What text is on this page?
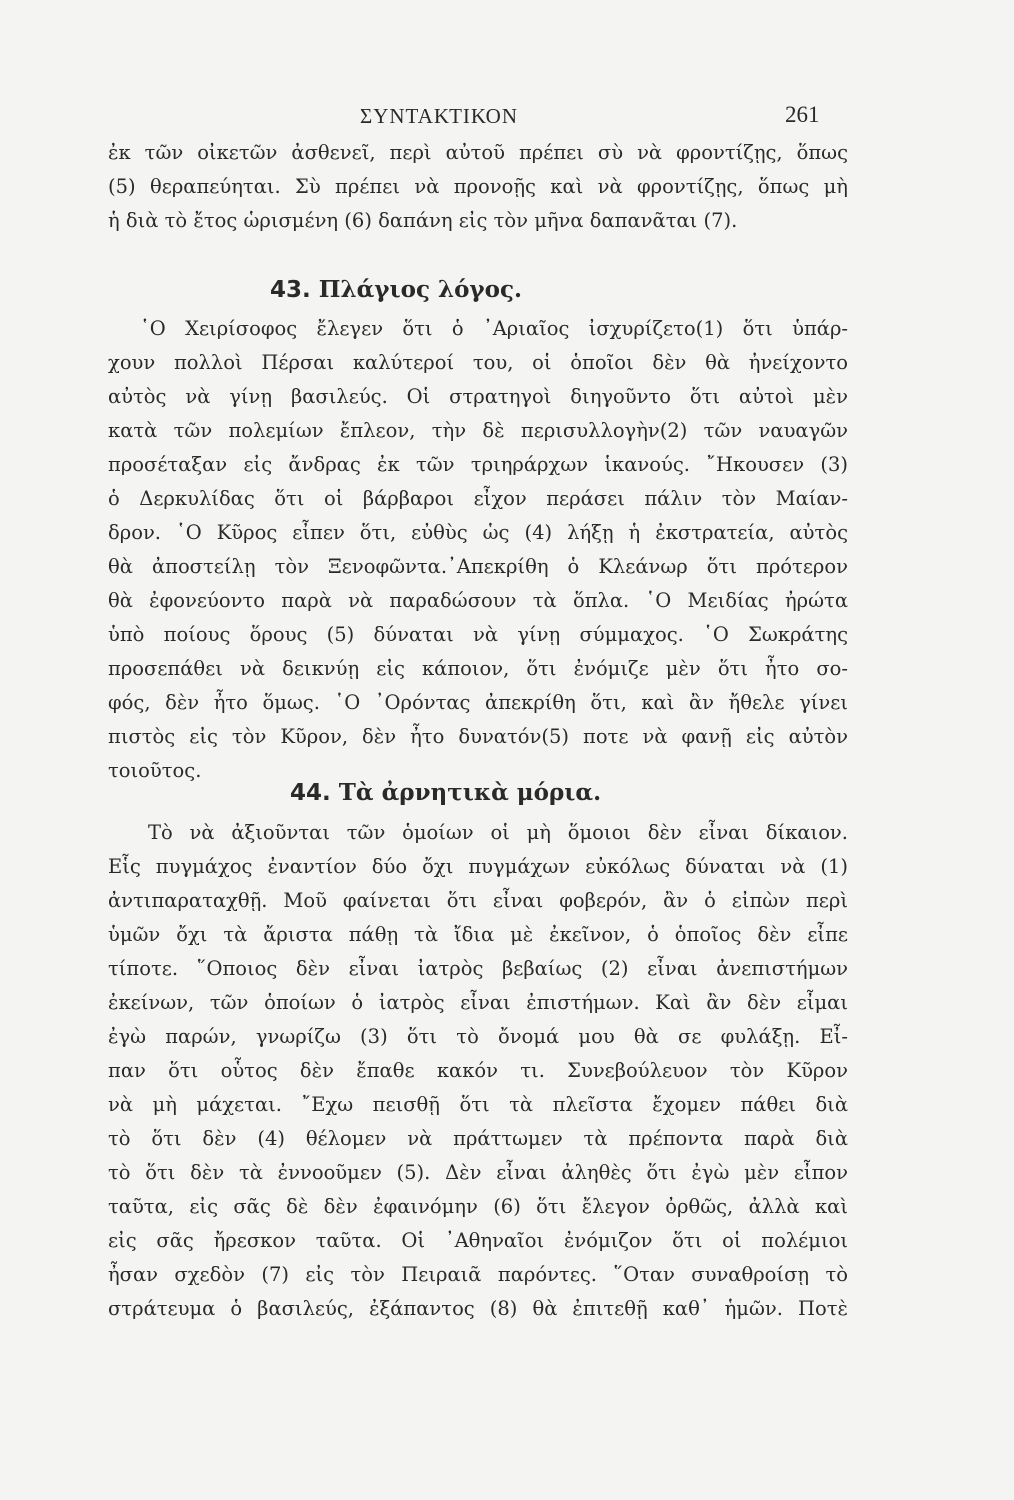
ΣΥΝΤΑΚΤΙΚΟΝ	261
ἐκ τῶν οἰκετῶν ἀσθενεῖ, περὶ αὐτοῦ πρέπει σὺ νὰ φροντίζῃς, ὅπως
(5) θεραπεύηται. Σὺ πρέπει νὰ προνοῇς καὶ νὰ φροντίζῃς, ὅπως μὴ
ἡ διὰ τὸ ἔτος ὡρισμένη (6) δαπάνη εἰς τὸν μῆνα δαπανᾶται (7).
43. Πλάγιος λόγος.
῾Ο Χειρίσοφος ἔλεγεν ὅτι ὁ ᾿Αριαῖος ἰσχυρίζετο(1) ὅτι ὑπάρ-
χουν πολλοὶ Πέρσαι καλύτεροί του, οἱ ὁποῖοι δὲν θὰ ἠνείχοντο
αὐτὸς νὰ γίνῃ βασιλεύς. Οἱ στρατηγοὶ διηγοῦντο ὅτι αὐτοὶ μὲν
κατὰ τῶν πολεμίων ἔπλεον, τὴν δὲ περισυλλογὴν(2) τῶν ναυαγῶν
προσέταξαν εἰς ἄνδρας ἐκ τῶν τριηράρχων ἱκανούς. ῎Ηκουσεν (3)
ὁ Δερκυλίδας ὅτι οἱ βάρβαροι εἶχον περάσει πάλιν τὸν Μαίαν-
δρον. ῾Ο Κῦρος εἶπεν ὅτι, εὐθὺς ὡς (4) λήξῃ ἡ ἐκστρατεία, αὐτὸς
θὰ ἀποστείλῃ τὸν Ξενοφῶντα.᾿Απεκρίθη ὁ Κλεάνωρ ὅτι πρότερον
θὰ ἐφονεύοντο παρὰ νὰ παραδώσουν τὰ ὅπλα. ῾Ο Μειδίας ἠρώτα
ὑπὸ ποίους ὅρους (5) δύναται νὰ γίνῃ σύμμαχος. ῾Ο Σωκράτης
προσεπάθει νὰ δεικνύῃ εἰς κάποιον, ὅτι ἐνόμιζε μὲν ὅτι ἦτο σο-
φός, δὲν ἦτο ὅμως. ῾Ο ᾿Ορόντας ἀπεκρίθη ὅτι, καὶ ἂν ἤθελε γίνει
πιστὸς εἰς τὸν Κῦρον, δὲν ἦτο δυνατόν(5) ποτε νὰ φανῇ εἰς αὐτὸν
τοιοῦτος.
44. Τὰ ἀρνητικὰ μόρια.
Τὸ νὰ ἀξιοῦνται τῶν ὁμοίων οἱ μὴ ὅμοιοι δὲν εἶναι δίκαιον.
Εἷς πυγμάχος ἐναντίον δύο ὄχι πυγμάχων εὐκόλως δύναται νὰ (1)
ἀντιπαραταχθῇ. Μοῦ φαίνεται ὅτι εἶναι φοβερόν, ἂν ὁ εἰπὼν περὶ
ὑμῶν ὄχι τὰ ἄριστα πάθῃ τὰ ἴδια μὲ ἐκεῖνον, ὁ ὁποῖος δὲν εἶπε
τίποτε. ῞Οποιος δὲν εἶναι ἰατρὸς βεβαίως (2) εἶναι ἀνεπιστήμων
ἐκείνων, τῶν ὁποίων ὁ ἰατρὸς εἶναι ἐπιστήμων. Καὶ ἂν δὲν εἶμαι
ἐγὼ παρών, γνωρίζω (3) ὅτι τὸ ὄνομά μου θὰ σε φυλάξῃ. Εἶ-
παν ὅτι οὗτος δὲν ἔπαθε κακόν τι. Συνεβούλευον τὸν Κῦρον
νὰ μὴ μάχεται. ῎Εχω πεισθῇ ὅτι τὰ πλεῖστα ἔχομεν πάθει διὰ
τὸ ὅτι δὲν (4) θέλομεν νὰ πράττωμεν τὰ πρέποντα παρὰ διὰ
τὸ ὅτι δὲν τὰ ἐννοοῦμεν (5). Δὲν εἶναι ἀληθὲς ὅτι ἐγὼ μὲν εἶπον
ταῦτα, εἰς σᾶς δὲ δὲν ἐφαινόμην (6) ὅτι ἔλεγον ὀρθῶς, ἀλλὰ καὶ
εἰς σᾶς ἤρεσκον ταῦτα. Οἱ ᾿Αθηναῖοι ἐνόμιζον ὅτι οἱ πολέμιοι
ἦσαν σχεδὸν (7) εἰς τὸν Πειραιᾶ παρόντες. ῞Οταν συναθροίσῃ τὸ
στράτευμα ὁ βασιλεύς, ἐξάπαντος (8) θὰ ἐπιτεθῇ καθ᾿ ἡμῶν. Ποτὲ
